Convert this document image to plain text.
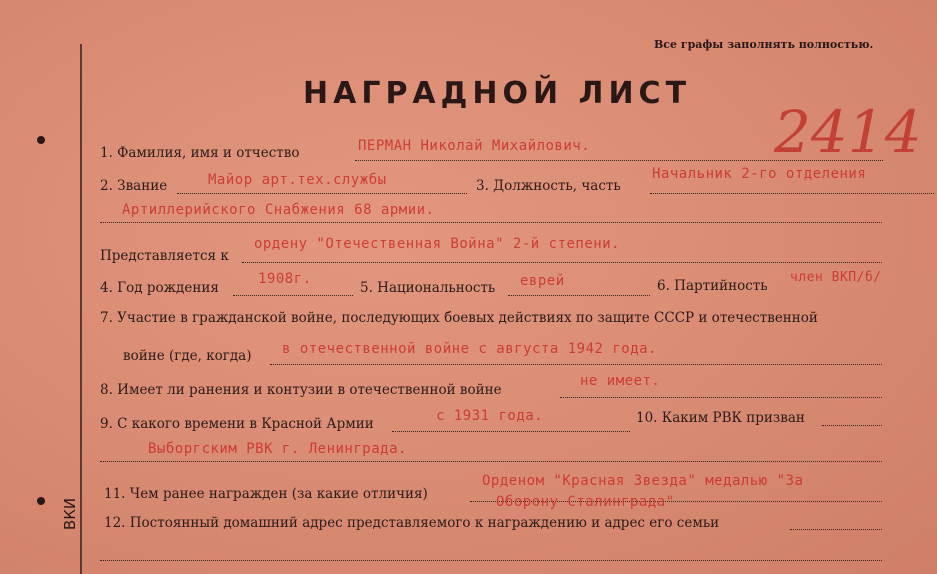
ВКИ
Все графы заполнять полностью.
НАГРАДНОЙ ЛИСТ
2414
1. Фамилия, имя и отчество	ПЕРМАН Николай Михайлович.
2. Звание	Майор арт.тех.службы	3. Должность, часть
Начальник 2-го отделения
Артиллерийского Снабжения 68 армии.
Представляется к
ордену "Отечественная Война" 2-й степени.
4. Год рождения
1908г.
5. Национальность еврей	6. Партийность
член ВКП/б/
7. Участие в гражданской войне, последующих боевых действиях по защите СССР и отечественной
войне (где, когда) в отечественной войне с августа 1942 года.
8. Имеет ли ранения и контузии в отечественной войне
не имеет.
9. С какого времени в Красной Армии	с 1931 года.	10. Каким РВК призван
Выборгским РВК г. Ленинграда.
11. Чем ранее награжден (за какие отличия)
Орденом "Красная Звезда" медалью "За
Оборону Сталинграда"
12. Постоянный домашний адрес представляемого к награждению и адрес его семьи
